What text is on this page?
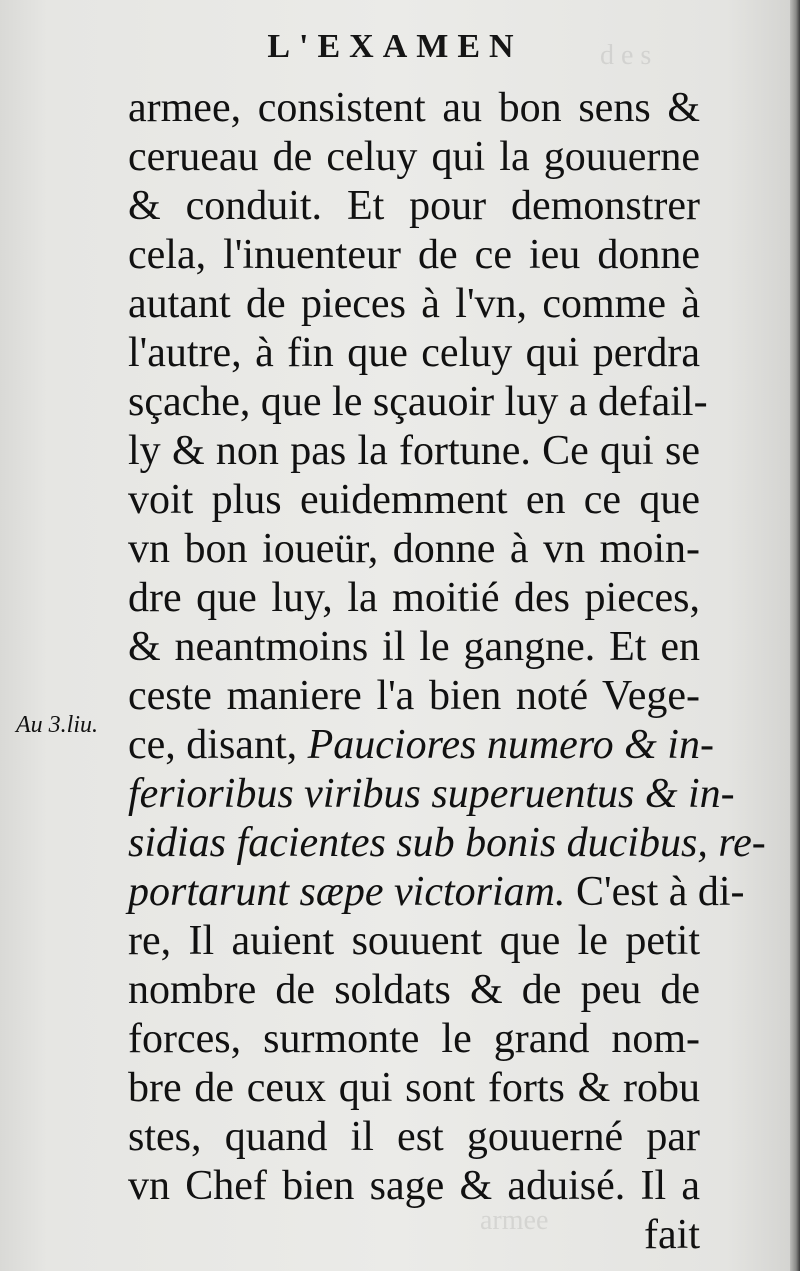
d e s
armee
L'EXAMEN
Au 3.liu.
armee, consistent au bon sens &
cerueau de celuy qui la gouuerne
& conduit. Et pour demonstrer
cela, l'inuenteur de ce ieu donne
autant de pieces à l'vn, comme à
l'autre, à fin que celuy qui perdra
sçache, que le sçauoir luy a defail-
ly & non pas la fortune. Ce qui se
voit plus euidemment en ce que
vn bon ioueür, donne à vn moin-
dre que luy, la moitié des pieces,
& neantmoins il le gangne. Et en
ceste maniere l'a bien noté Vege-
ce, disant, Pauciores numero & in-
ferioribus viribus superuentus & in-
sidias facientes sub bonis ducibus, re-
portarunt sæpe victoriam. C'est à di-
re, Il auient souuent que le petit
nombre de soldats & de peu de
forces, surmonte le grand nom-
bre de ceux qui sont forts & robu
stes, quand il est gouuerné par
vn Chef bien sage & aduisé. Il a
fait
